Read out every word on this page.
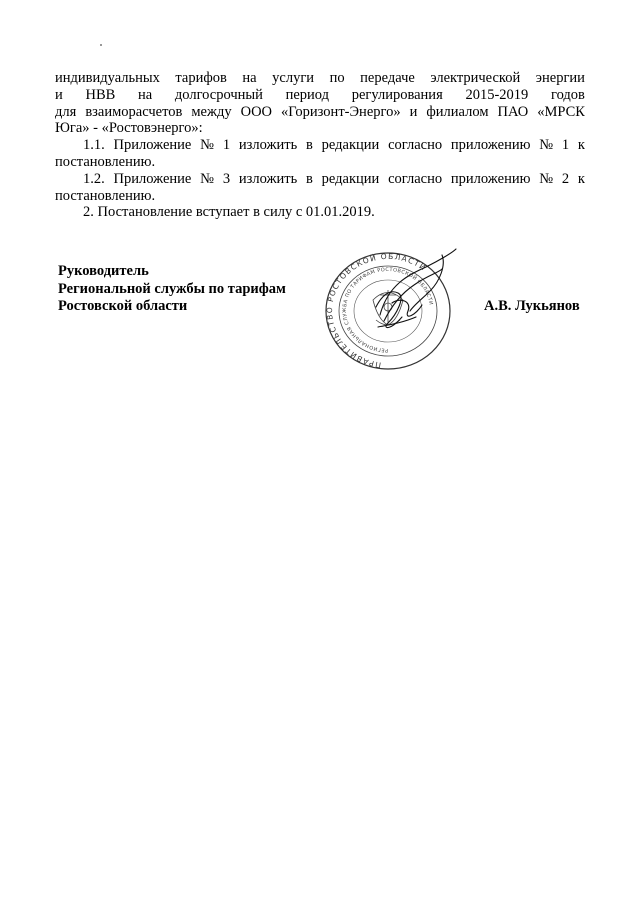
индивидуальных тарифов на услуги по передаче электрической энергии
и НВВ на долгосрочный период регулирования 2015-2019 годов
для взаиморасчетов между ООО «Горизонт-Энерго» и филиалом ПАО «МРСК
Юга» - «Ростовэнерго»:
1.1. Приложение № 1 изложить в редакции согласно приложению № 1 к
постановлению.
1.2. Приложение № 3 изложить в редакции согласно приложению № 2 к
постановлению.
2. Постановление вступает в силу с 01.01.2019.
Руководитель
Региональной службы по тарифам
Ростовской области
ПРАВИТЕЛЬСТВО РОСТОВСКОЙ ОБЛАСТИ
РЕГИОНАЛЬНАЯ СЛУЖБА ПО ТАРИФАМ РОСТОВСКОЙ ОБЛАСТИ	А.В. Лукьянов
